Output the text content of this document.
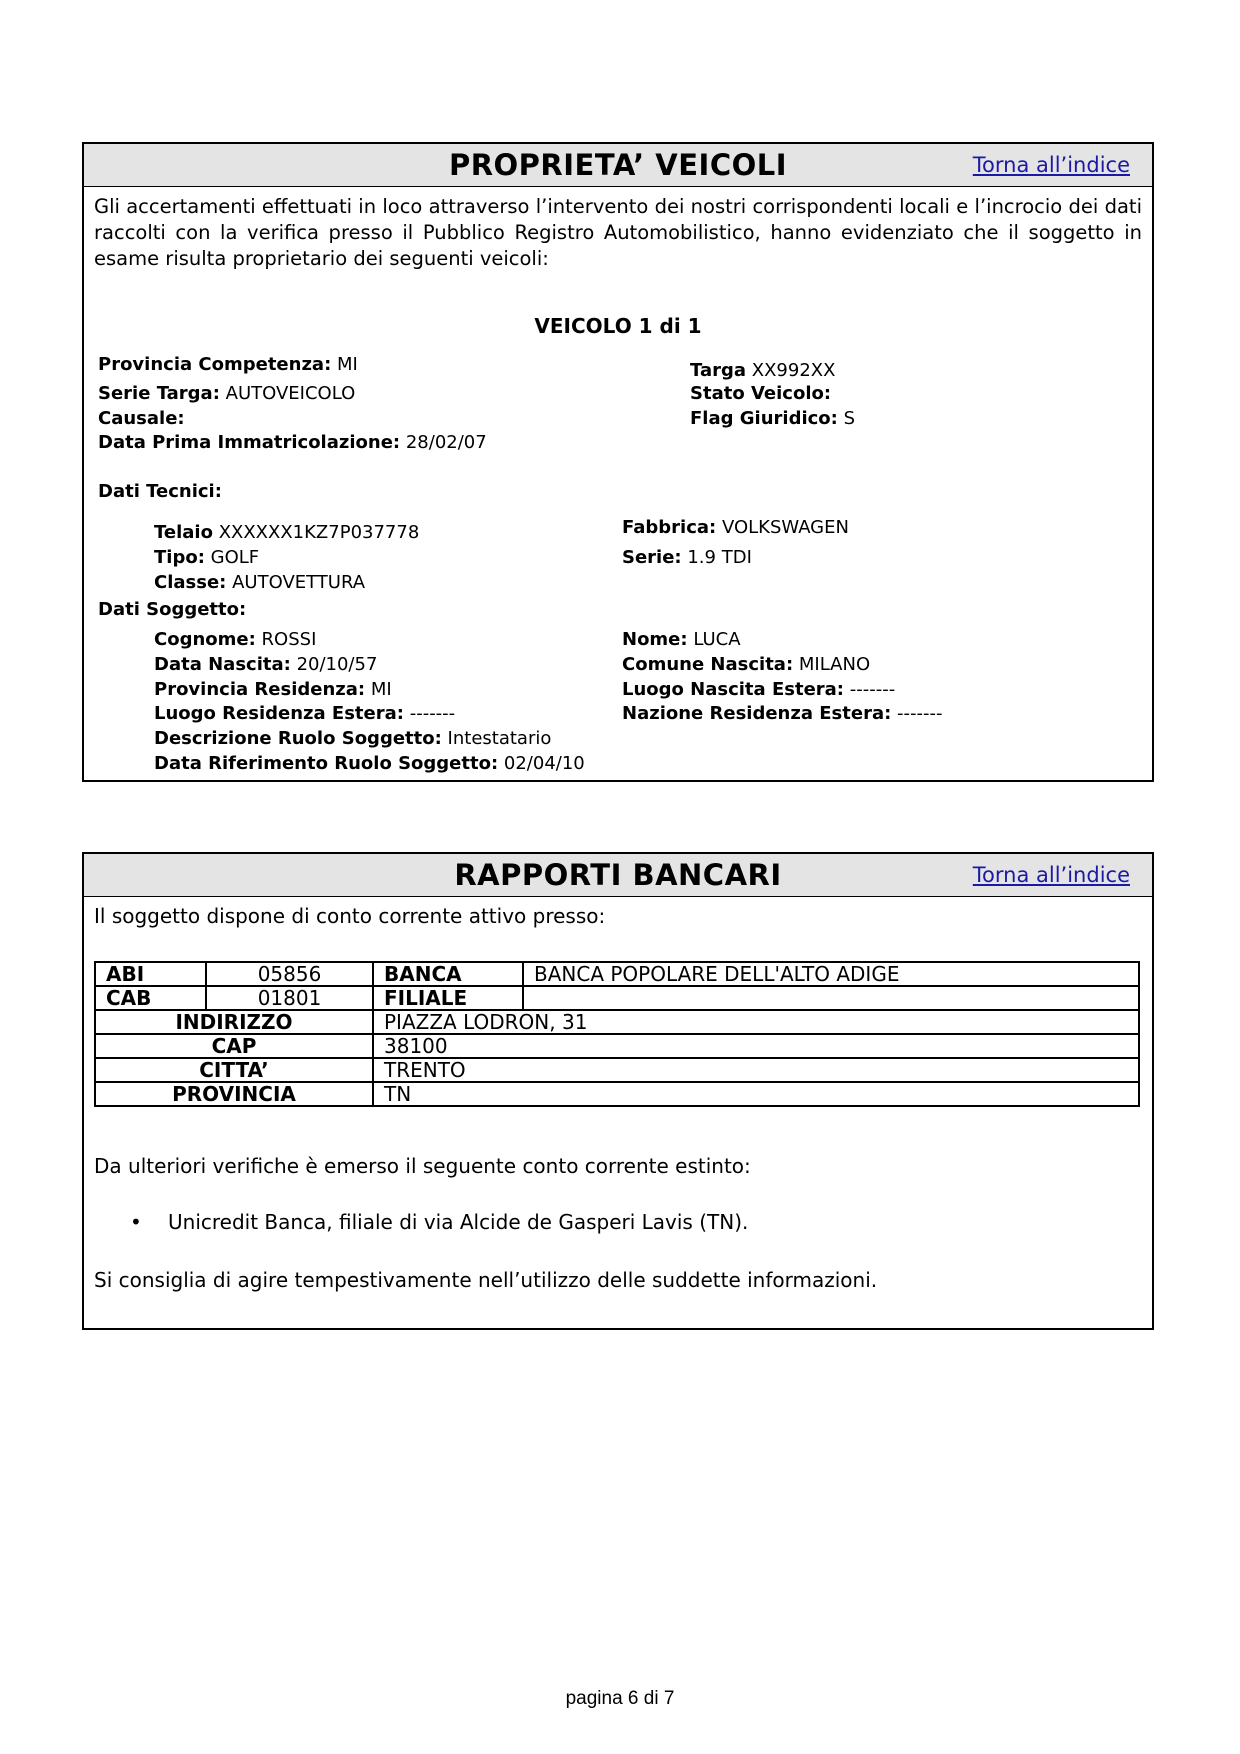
PROPRIETA’ VEICOLI	Torna all’indice
Gli accertamenti effettuati in loco attraverso l’intervento dei nostri corrispondenti locali e l’incrocio dei dati raccolti con la verifica presso il Pubblico Registro Automobilistico, hanno evidenziato che il soggetto in esame risulta proprietario dei seguenti veicoli:
VEICOLO 1 di 1
Provincia Competenza: MI
Serie Targa: AUTOVEICOLO
Causale:
Data Prima Immatricolazione: 28/02/07
Targa XX992XX
Stato Veicolo:
Flag Giuridico: S
Dati Tecnici:
Telaio XXXXXX1KZ7P037778
Tipo: GOLF
Classe: AUTOVETTURA
Fabbrica: VOLKSWAGEN
Serie: 1.9 TDI
Dati Soggetto:
Cognome: ROSSI
Data Nascita: 20/10/57
Provincia Residenza: MI
Luogo Residenza Estera: -------
Descrizione Ruolo Soggetto: Intestatario
Data Riferimento Ruolo Soggetto: 02/04/10
Nome: LUCA
Comune Nascita: MILANO
Luogo Nascita Estera: -------
Nazione Residenza Estera: -------
RAPPORTI BANCARI	Torna all’indice
Il soggetto dispone di conto corrente attivo presso:
ABI	05856	BANCA	BANCA POPOLARE DELL'ALTO ADIGE
CAB	01801	FILIALE	
INDIRIZZO		PIAZZA LODRON, 31	
CAP		38100	
CITTA’		TRENTO	
PROVINCIA		TN	
Da ulteriori verifiche è emerso il seguente conto corrente estinto:
• Unicredit Banca, filiale di via Alcide de Gasperi Lavis (TN).
Si consiglia di agire tempestivamente nell’utilizzo delle suddette informazioni.
pagina 6 di 7
